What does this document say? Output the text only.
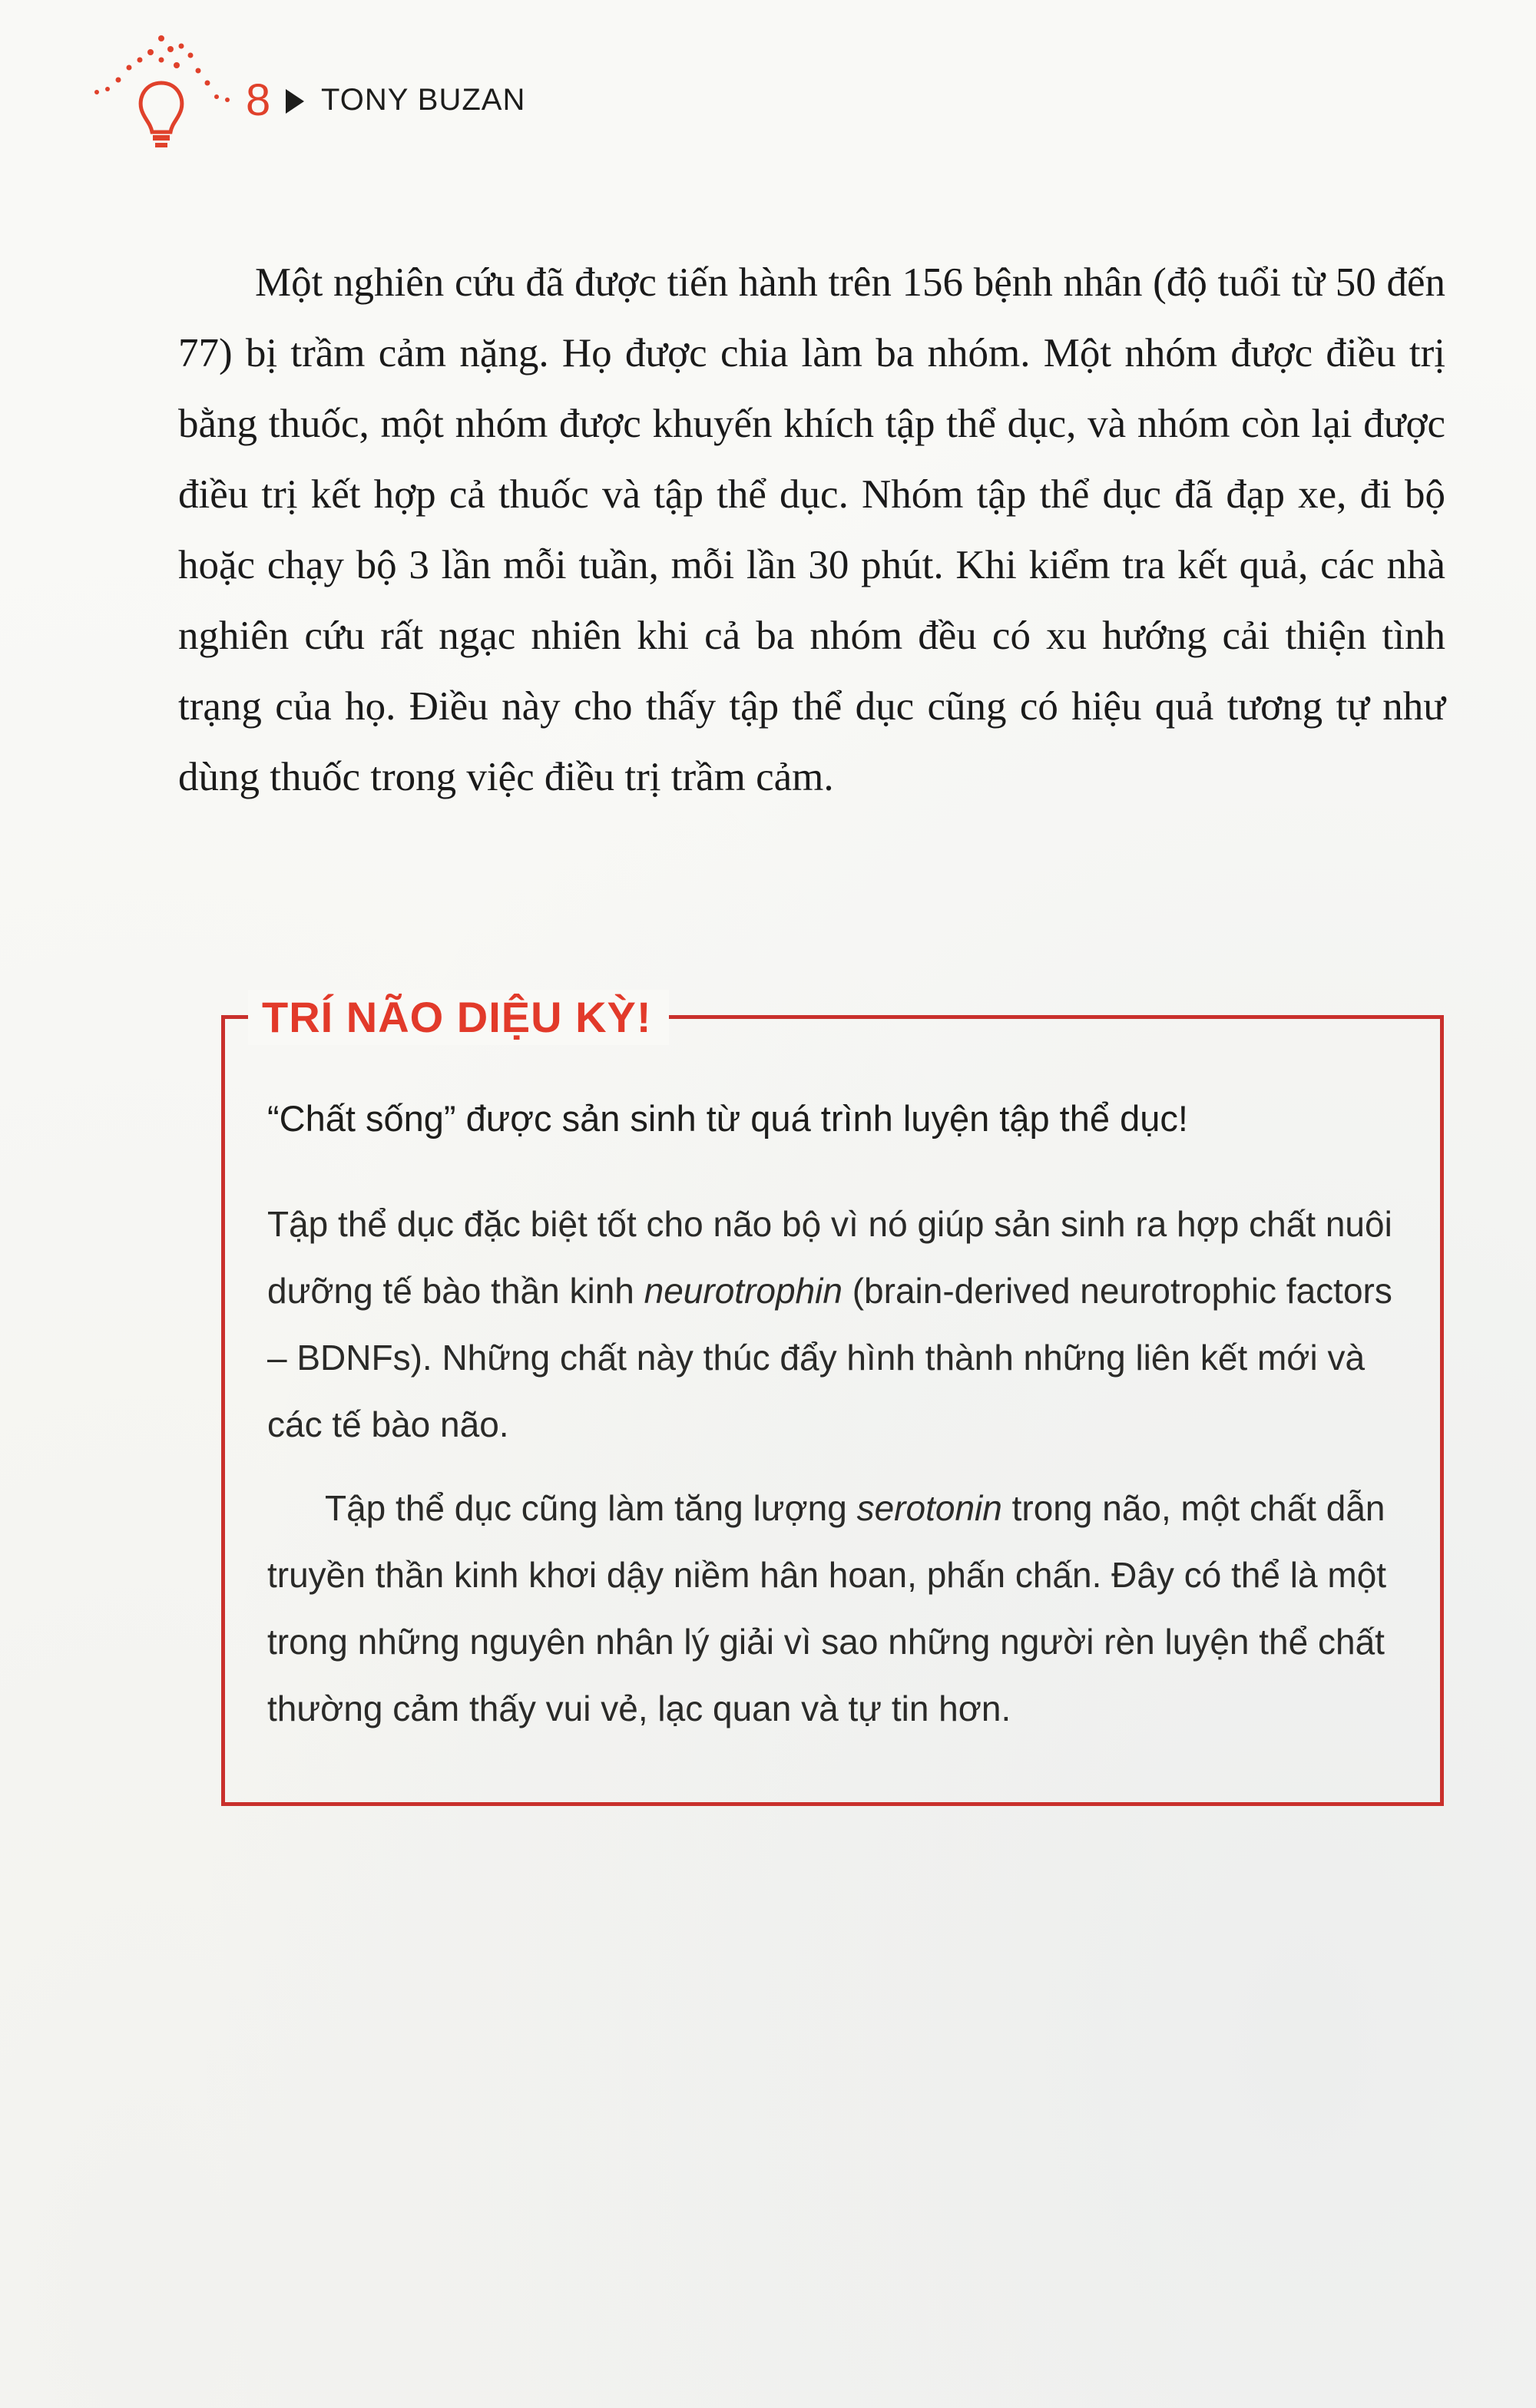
8 TONY BUZAN

Một nghiên cứu đã được tiến hành trên 156 bệnh nhân (độ tuổi từ 50 đến 77) bị trầm cảm nặng. Họ được chia làm ba nhóm. Một nhóm được điều trị bằng thuốc, một nhóm được khuyến khích tập thể dục, và nhóm còn lại được điều trị kết hợp cả thuốc và tập thể dục. Nhóm tập thể dục đã đạp xe, đi bộ hoặc chạy bộ 3 lần mỗi tuần, mỗi lần 30 phút. Khi kiểm tra kết quả, các nhà nghiên cứu rất ngạc nhiên khi cả ba nhóm đều có xu hướng cải thiện tình trạng của họ. Điều này cho thấy tập thể dục cũng có hiệu quả tương tự như dùng thuốc trong việc điều trị trầm cảm.

TRÍ NÃO DIỆU KỲ!
“Chất sống” được sản sinh từ quá trình luyện tập thể dục!

Tập thể dục đặc biệt tốt cho não bộ vì nó giúp sản sinh ra hợp chất nuôi dưỡng tế bào thần kinh neurotrophin (brain-derived neurotrophic factors – BDNFs). Những chất này thúc đẩy hình thành những liên kết mới và các tế bào não.

Tập thể dục cũng làm tăng lượng serotonin trong não, một chất dẫn truyền thần kinh khơi dậy niềm hân hoan, phấn chấn. Đây có thể là một trong những nguyên nhân lý giải vì sao những người rèn luyện thể chất thường cảm thấy vui vẻ, lạc quan và tự tin hơn.
